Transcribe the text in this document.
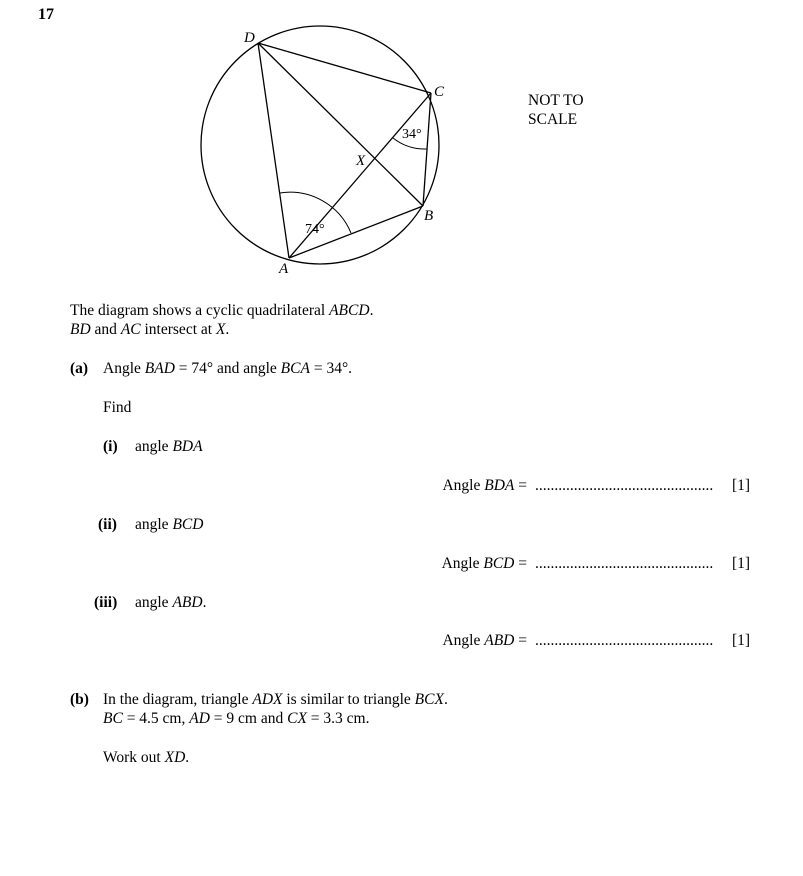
17
D
C
B
A
X
74°
34°
NOT TO
SCALE
The diagram shows a cyclic quadrilateral ABCD.
BD and AC intersect at X.
(a) Angle BAD = 74° and angle BCA = 34°.
Find
(i) angle BDA
Angle BDA = .............................................. [1]
(ii) angle BCD
Angle BCD = .............................................. [1]
(iii) angle ABD.
Angle ABD = .............................................. [1]
(b) In the diagram, triangle ADX is similar to triangle BCX.
BC = 4.5 cm, AD = 9 cm and CX = 3.3 cm.
Work out XD.
